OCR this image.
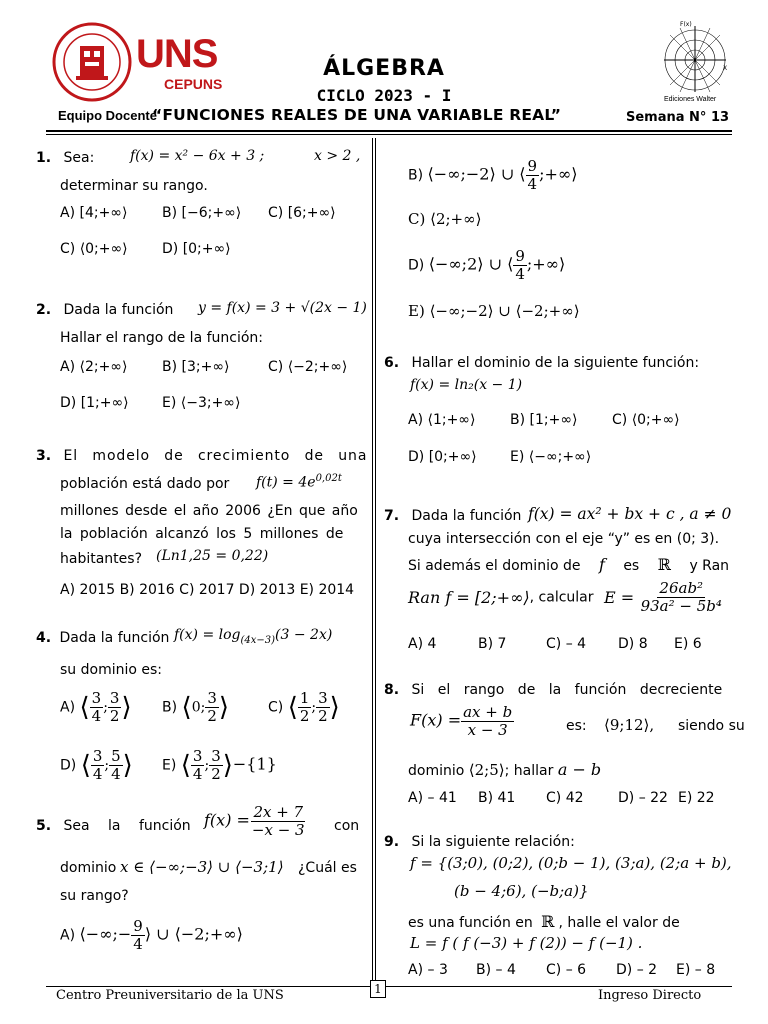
UNS
CEPUNS
Equipo Docente
ÁLGEBRA
CICLO 2023 - I
“FUNCIONES REALES DE UNA VARIABLE REAL”	Semana N° 13
F(x)
X
Ediciones Walter
1. Sea:	f(x) = x² − 6x + 3 ;	x > 2 ,
determinar su rango.
A) [4;+∞⟩ B) [−6;+∞⟩ C) [6;+∞⟩
C) ⟨0;+∞⟩ D) [0;+∞⟩
2. Dada la función y = f(x) = 3 + √(2x − 1)
Hallar el rango de la función:
A) ⟨2;+∞⟩ B) [3;+∞⟩	C) ⟨−2;+∞⟩
D) [1;+∞⟩ E) ⟨−3;+∞⟩
3. El modelo de crecimiento de una
población está dado por $f(t) = 4e^{0,02t}$
millones desde el año 2006 ¿En que año
la población alcanzó los 5 millones de
habitantes? (Ln1,25 = 0,22)
A) 2015 B) 2016 C) 2017 D) 2013 E) 2014
4. Dada la función $f(x) = \log_{(4x-3)}(3 - 2x)$
su dominio es:
A) ⟨ $\frac{3}{4}$ ; $\frac{3}{2}$ ⟩ B) ⟨0; $\frac{3}{2}$ ⟩	C) ⟨ $\frac{1}{2}$ ; $\frac{3}{2}$ ⟩
D) ⟨ $\frac{3}{4}$ ; $\frac{5}{4}$ ⟩ E) ⟨ $\frac{3}{4}$ ; $\frac{3}{2}$ ⟩−{1}
5. Sea la función $f(x) = \frac{2x + 7}{-x - 3}$ con
dominio x ∈ ⟨−∞;−3⟩ ∪ ⟨−3;1⟩ ¿Cuál es
su rango?
A) ⟨−∞;− $\frac{9}{4}$ ⟩ ∪ ⟨−2;+∞⟩
B) ⟨−∞;−2⟩ ∪ ⟨ $\frac{9}{4}$ ;+∞⟩
C) ⟨2;+∞⟩
D) ⟨−∞;2⟩ ∪ ⟨ $\frac{9}{4}$ ;+∞⟩
E) ⟨−∞;−2⟩ ∪ ⟨−2;+∞⟩
6. Hallar el dominio de la siguiente función:
f(x) = ln₂(x − 1)
A) ⟨1;+∞⟩ B) [1;+∞⟩ C) ⟨0;+∞⟩
D) [0;+∞⟩ E) ⟨−∞;+∞⟩
7. Dada la función f(x) = ax² + bx + c , a ≠ 0
cuya intersección con el eje “y” es en (0; 3).
Si además el dominio de f es ℝ y Ran
Ran f = [2;+∞⟩, calcular $E = \frac{\text{26ab²}}{\text{93a² − 5b⁴}}$
A) 4	B) 7	C) – 4 D) 8 E) 6
8. Si el rango de la función decreciente
$F(x) = \frac{ax + b}{x - 3}$	es: ⟨9;12⟩, siendo su
dominio ⟨2;5⟩; hallar a − b
A) – 41 B) 41 C) 42 D) – 22 E) 22
9. Si la siguiente relación:
f = {(3;0), (0;2), (0;b − 1), (3;a), (2;a + b),
(b − 4;6), (−b;a)}
es una función en ℝ , halle el valor de
L = f ( f (−3) + f (2)) − f (−1) .
A) – 3 B) – 4 C) – 6 D) – 2 E) – 8
Centro Preuniversitario de la UNS	1	Ingreso Directo
